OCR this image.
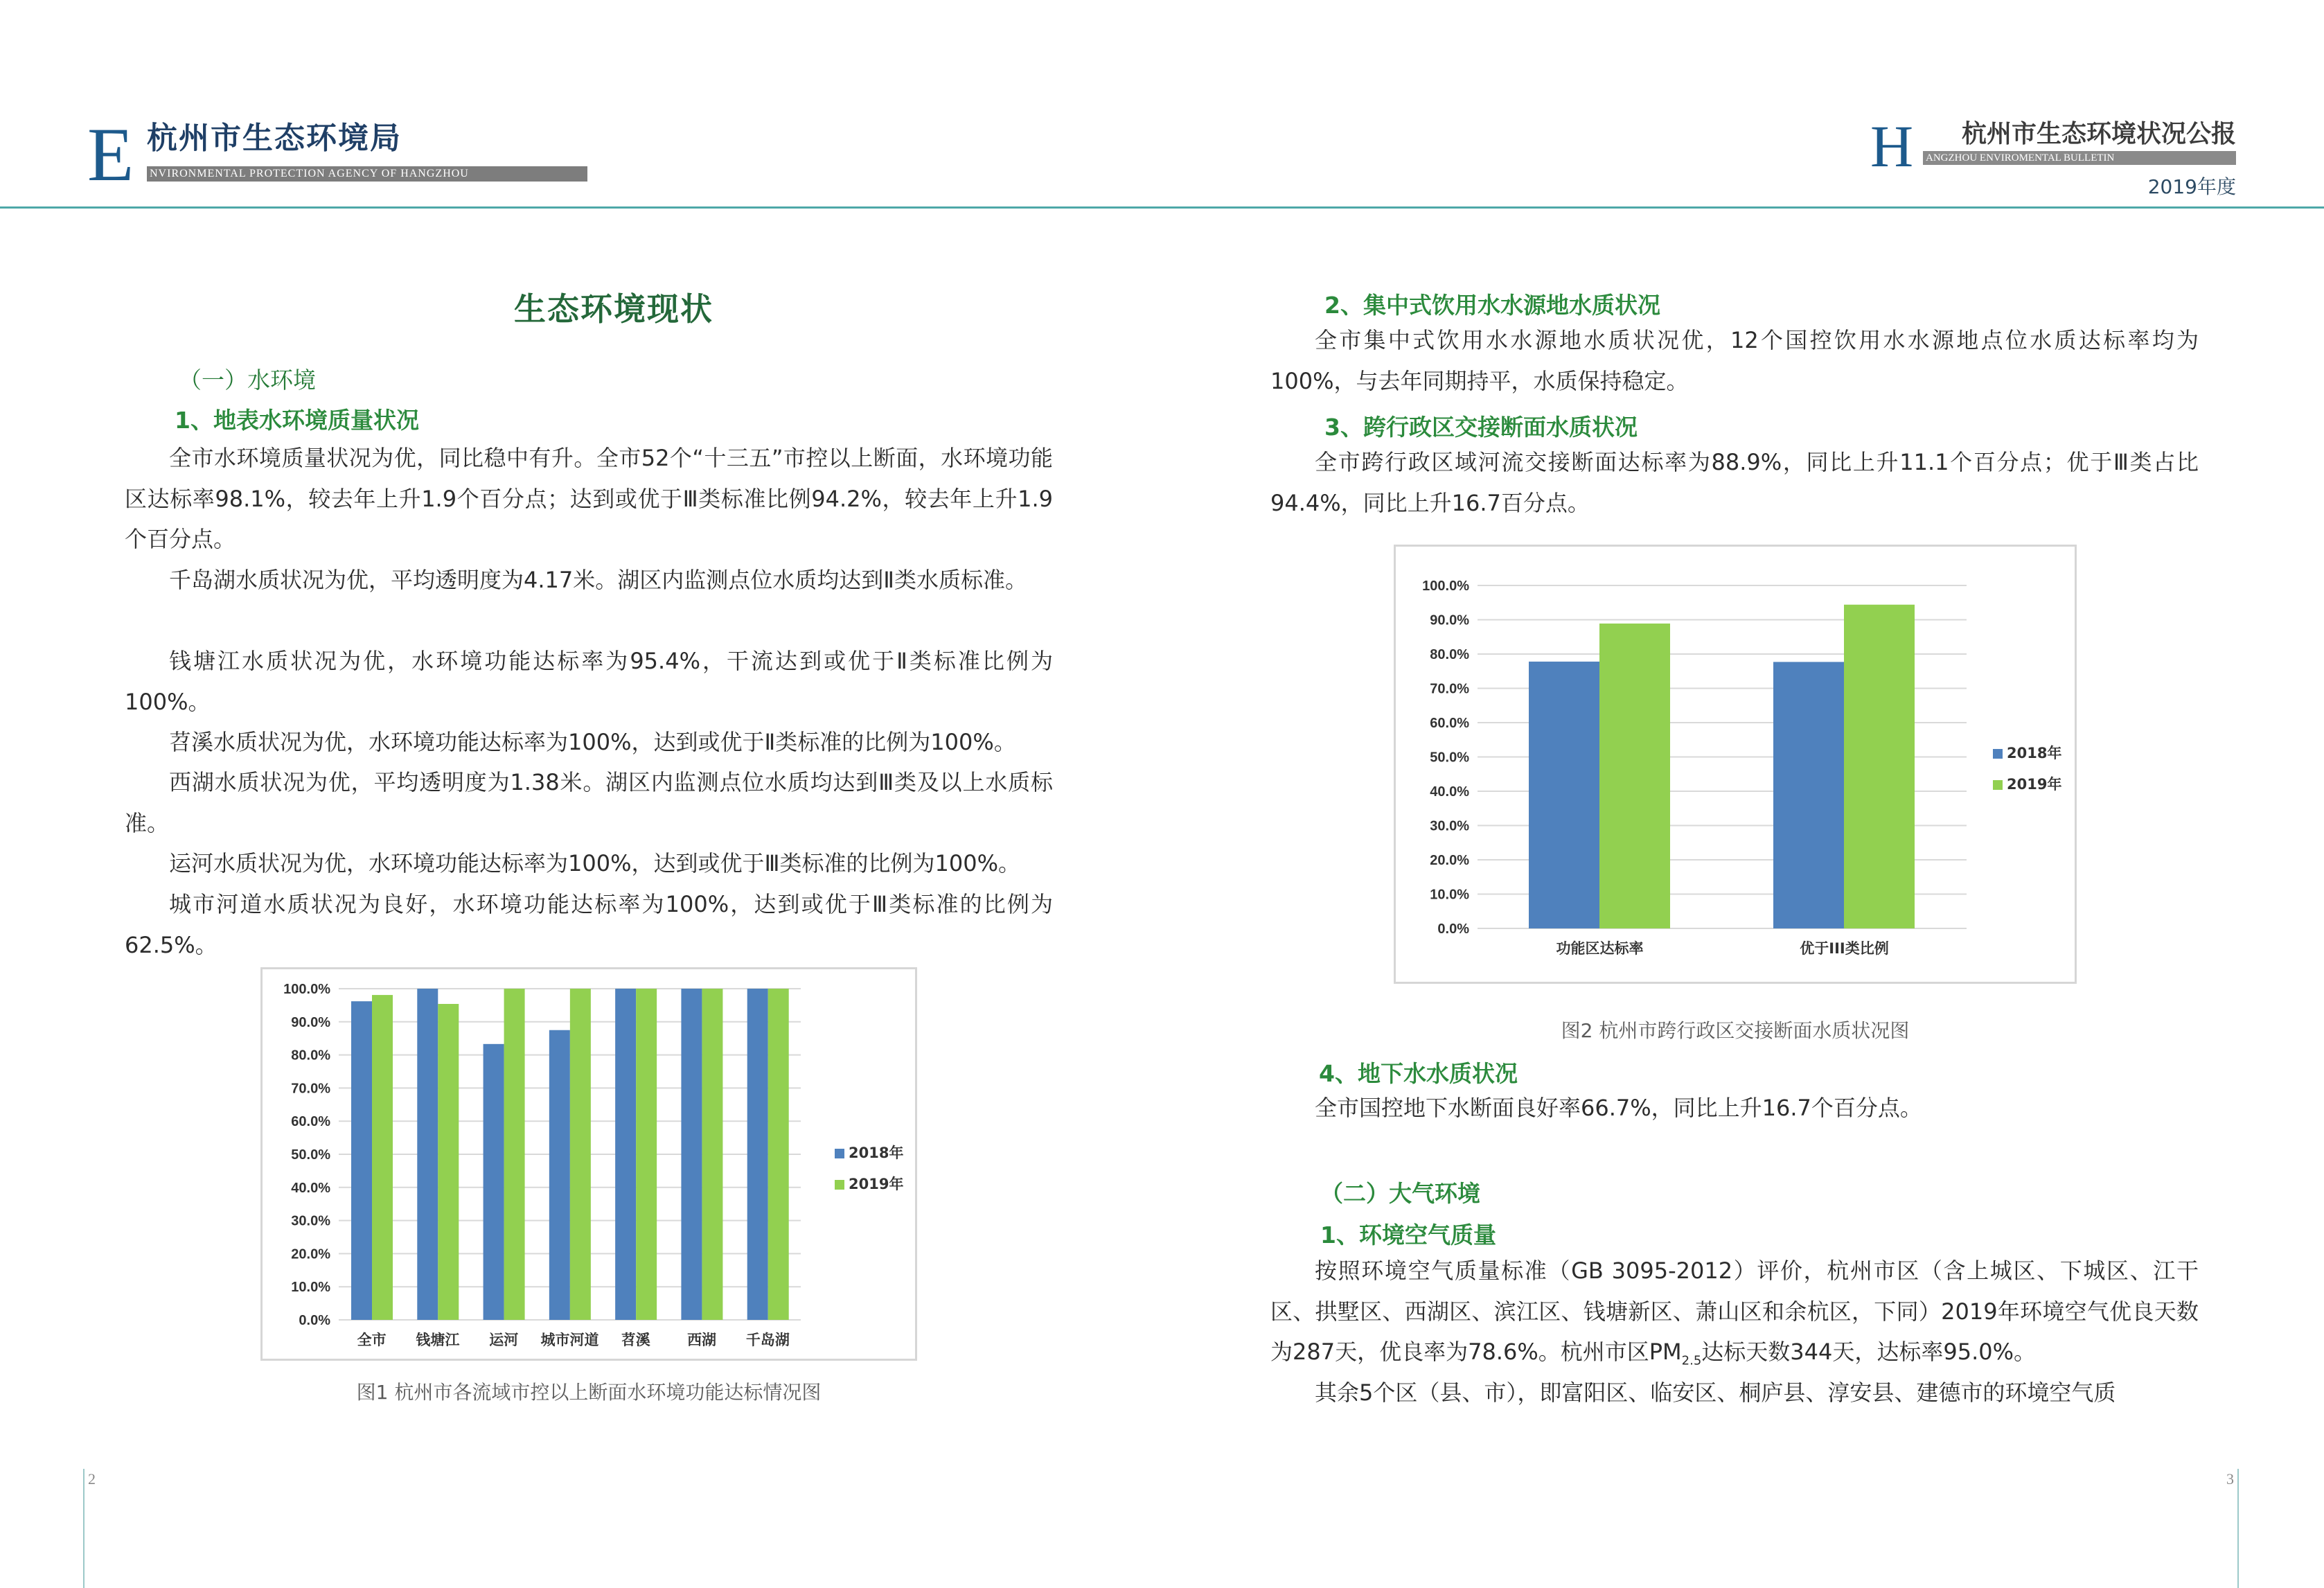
E 杭州市生态环境局
NVIRONMENTAL PROTECTION AGENCY OF HANGZHOU	H	杭州市生态环境状况公报
ANGZHOU ENVIROMENTAL BULLETIN
2019年度
生态环境现状
（一）水环境
1、地表水环境质量状况
全市水环境质量状况为优，同比稳中有升。全市52个“十三五”市控以上断面，水环境功能区达标率98.1%，较去年上升1.9个百分点；达到或优于Ⅲ类标准比例94.2%，较去年上升1.9个百分点。
千岛湖水质状况为优，平均透明度为4.17米。湖区内监测点位水质均达到Ⅱ类水质标准。
钱塘江水质状况为优，水环境功能达标率为95.4%，干流达到或优于Ⅱ类标准比例为100%。
苕溪水质状况为优，水环境功能达标率为100%，达到或优于Ⅱ类标准的比例为100%。
西湖水质状况为优，平均透明度为1.38米。湖区内监测点位水质均达到Ⅲ类及以上水质标准。
运河水质状况为优，水环境功能达标率为100%，达到或优于Ⅲ类标准的比例为100%。
城市河道水质状况为良好，水环境功能达标率为100%，达到或优于Ⅲ类标准的比例为62.5%。
0.0%
10.0%
20.0%
30.0%
40.0%
50.0%
60.0%
70.0%
80.0%
90.0%
100.0%
全市 钱塘江 运河 城市河道 苕溪	西湖 千岛湖
2018年
2019年
图1 杭州市各流域市控以上断面水环境功能达标情况图
2、集中式饮用水水源地水质状况
全市集中式饮用水水源地水质状况优，12个国控饮用水水源地点位水质达标率均为100%，与去年同期持平，水质保持稳定。
3、跨行政区交接断面水质状况
全市跨行政区域河流交接断面达标率为88.9%，同比上升11.1个百分点；优于Ⅲ类占比94.4%，同比上升16.7百分点。
0.0%
10.0%
20.0%
30.0%
40.0%
50.0%
60.0%
70.0%
80.0%
90.0%
100.0%
功能区达标率	优于III类比例
2018年
2019年
图2 杭州市跨行政区交接断面水质状况图
4、地下水水质状况
全市国控地下水断面良好率66.7%，同比上升16.7个百分点。
（二）大气环境
1、环境空气质量
按照环境空气质量标准（GB 3095-2012）评价，杭州市区（含上城区、下城区、江干区、拱墅区、西湖区、滨江区、钱塘新区、萧山区和余杭区，下同）2019年环境空气优良天数为287天，优良率为78.6%。杭州市区$PM_{2.5}$达标天数344天，达标率95.0%。
其余5个区（县、市），即富阳区、临安区、桐庐县、淳安县、建德市的环境空气质
2	3
